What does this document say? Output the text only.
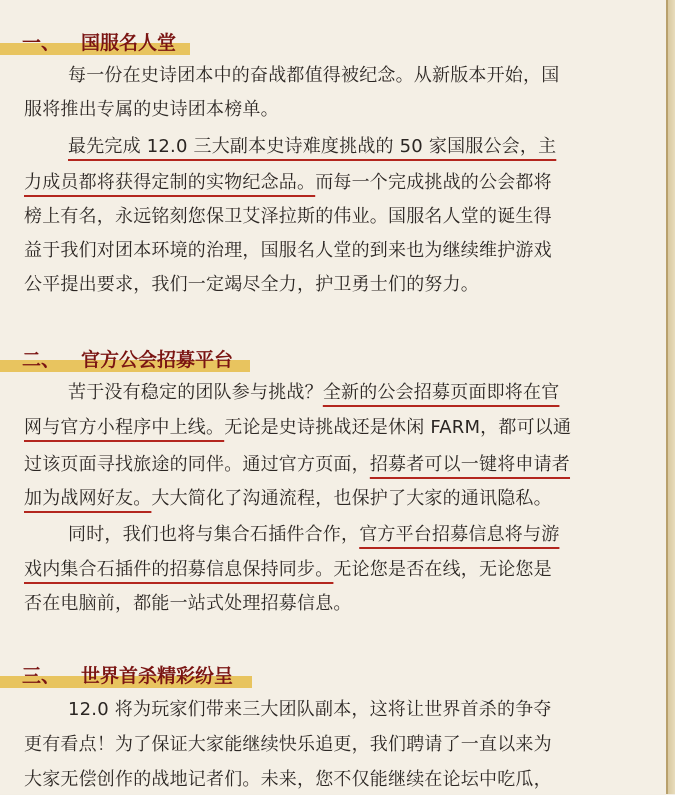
一、	国服名人堂
每一份在史诗团本中的奋战都值得被纪念。从新版本开始，国
服将推出专属的史诗团本榜单。
最先完成 12.0 三大副本史诗难度挑战的 50 家国服公会，主
力成员都将获得定制的实物纪念品。而每一个完成挑战的公会都将
榜上有名，永远铭刻您保卫艾泽拉斯的伟业。国服名人堂的诞生得
益于我们对团本环境的治理，国服名人堂的到来也为继续维护游戏
公平提出要求，我们一定竭尽全力，护卫勇士们的努力。
二、	官方公会招募平台
苦于没有稳定的团队参与挑战？全新的公会招募页面即将在官
网与官方小程序中上线。无论是史诗挑战还是休闲 FARM，都可以通
过该页面寻找旅途的同伴。通过官方页面，招募者可以一键将申请者
加为战网好友。大大简化了沟通流程，也保护了大家的通讯隐私。
同时，我们也将与集合石插件合作，官方平台招募信息将与游
戏内集合石插件的招募信息保持同步。无论您是否在线，无论您是
否在电脑前，都能一站式处理招募信息。
三、	世界首杀精彩纷呈
12.0 将为玩家们带来三大团队副本，这将让世界首杀的争夺
更有看点！为了保证大家能继续快乐追更，我们聘请了一直以来为
大家无偿创作的战地记者们。未来，您不仅能继续在论坛中吃瓜，
